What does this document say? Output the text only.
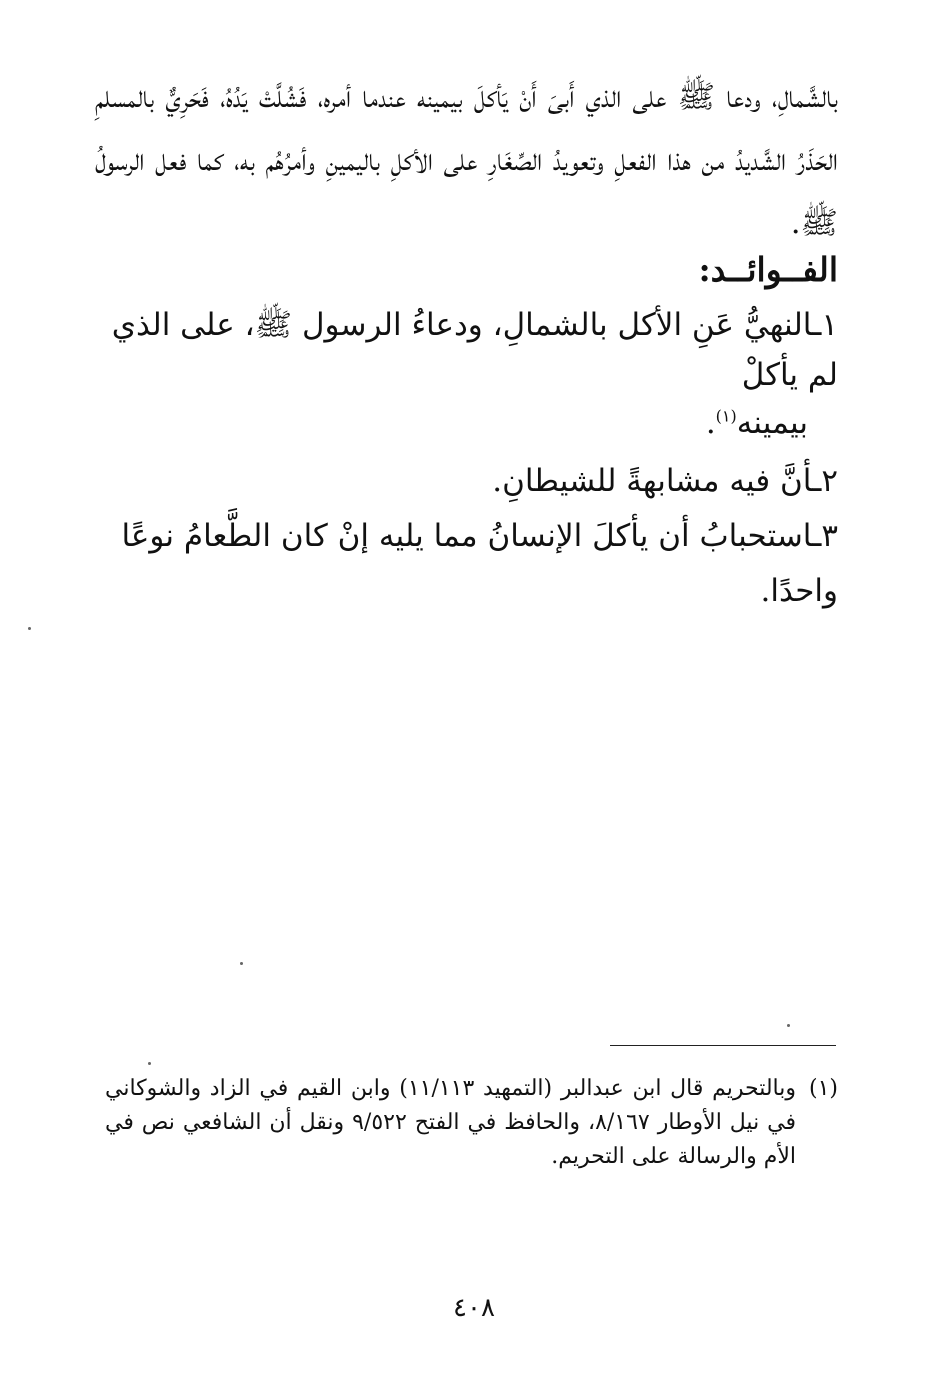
بالشَّمالِ، ودعا ﷺ على الذي أَبىَ أَنْ يَأكلَ بيمينه عندما أمره، فَشُلَّتْ يَدُهُ، فَحَرِيٌّ بالمسلمِ الحَذَرُ الشَّديدُ من هذا الفعلِ وتعويدُ الصِّغَارِ على الأكلِ باليمينِ وأمرُهُم به، كما فعل الرسولُ ﷺ.

الفــوائــد:
١ـالنهيُّ عَنِ الأكل بالشمالِ، ودعاءُ الرسول ﷺ، على الذي لم يأكلْ
بيمينه$^{(١)}$.
٢ـأنَّ فيه مشابهةً للشيطانِ.
٣ـاستحبابُ أن يأكلَ الإنسانُ مما يليه إنْ كان الطَّعامُ نوعًا واحدًا.
(١)
وبالتحريم قال ابن عبدالبر (التمهيد ١١/١١٣) وابن القيم في الزاد والشوكاني في نيل الأوطار ٨/١٦٧، والحافظ في الفتح ٩/٥٢٢ ونقل أن الشافعي نص في الأم والرسالة على التحريم.
٤٠٨
